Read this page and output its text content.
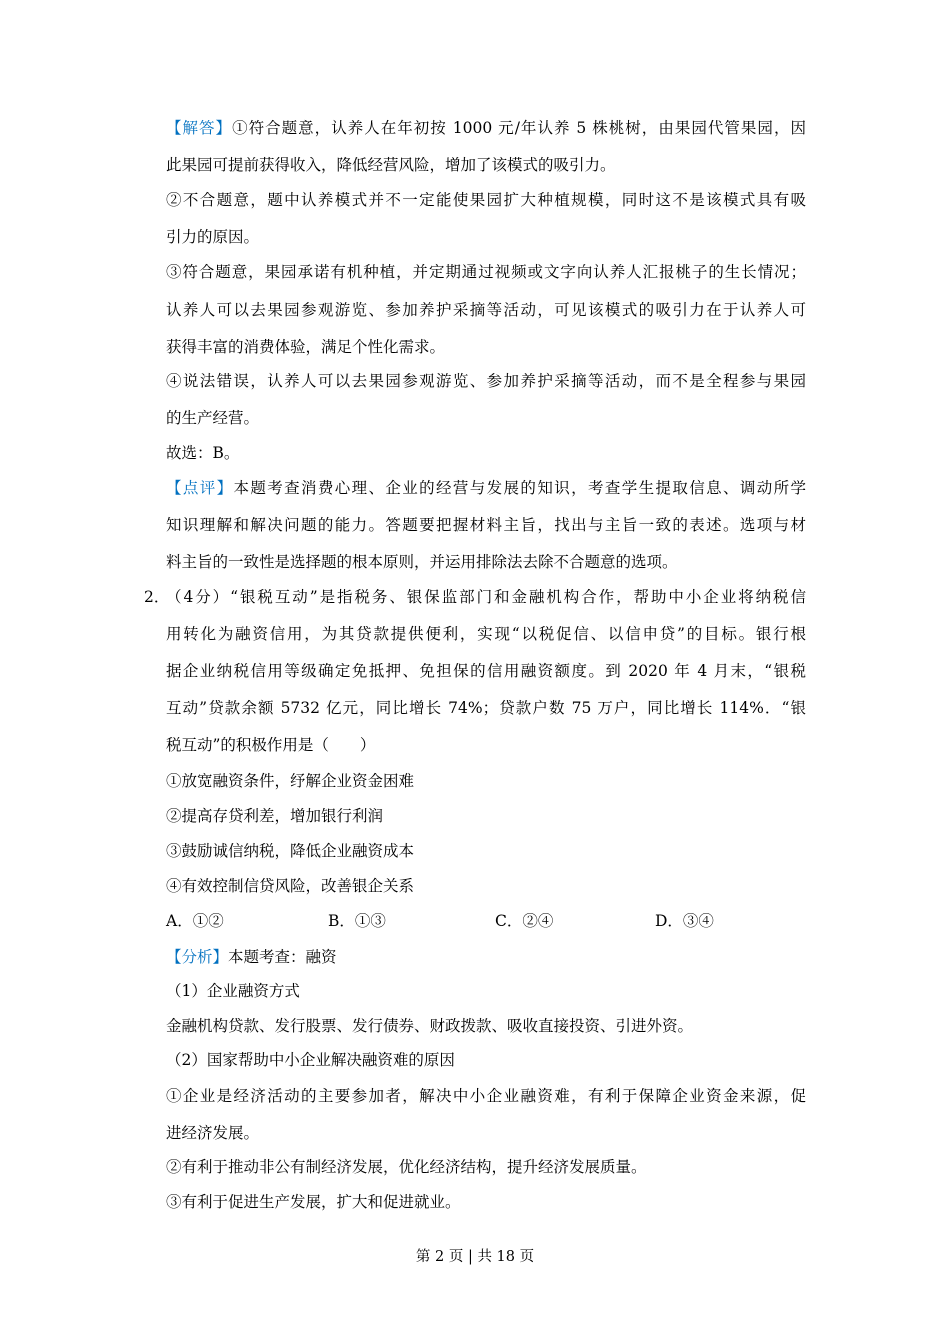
【解答】①符合题意，认养人在年初按 1000 元/年认养 5 株桃树，由果园代管果园，因
此果园可提前获得收入，降低经营风险，增加了该模式的吸引力。
②不合题意，题中认养模式并不一定能使果园扩大种植规模，同时这不是该模式具有吸
引力的原因。
③符合题意，果园承诺有机种植，并定期通过视频或文字向认养人汇报桃子的生长情况；
认养人可以去果园参观游览、参加养护采摘等活动，可见该模式的吸引力在于认养人可
获得丰富的消费体验，满足个性化需求。
④说法错误，认养人可以去果园参观游览、参加养护采摘等活动，而不是全程参与果园
的生产经营。
故选：B。
【点评】本题考查消费心理、企业的经营与发展的知识，考查学生提取信息、调动所学
知识理解和解决问题的能力。答题要把握材料主旨，找出与主旨一致的表述。选项与材
料主旨的一致性是选择题的根本原则，并运用排除法去除不合题意的选项。
2．
（4分）“银税互动”是指税务、银保监部门和金融机构合作，帮助中小企业将纳税信
用转化为融资信用，为其贷款提供便利，实现“以税促信、以信申贷”的目标。银行根
据企业纳税信用等级确定免抵押、免担保的信用融资额度。到 2020 年 4 月末，“银税
互动”贷款余额 5732 亿元，同比增长 74%；贷款户数 75 万户，同比增长 114%．“银
税互动”的积极作用是（　　）
①放宽融资条件，纾解企业资金困难
②提高存贷利差，增加银行利润
③鼓励诚信纳税，降低企业融资成本
④有效控制信贷风险，改善银企关系
A．①②	B．①③	C．②④	D．③④
【分析】本题考查：融资
（1）企业融资方式
金融机构贷款、发行股票、发行债券、财政拨款、吸收直接投资、引进外资。
（2）国家帮助中小企业解决融资难的原因
①企业是经济活动的主要参加者，解决中小企业融资难，有利于保障企业资金来源，促
进经济发展。
②有利于推动非公有制经济发展，优化经济结构，提升经济发展质量。
③有利于促进生产发展，扩大和促进就业。
第 2 页 | 共 18 页
